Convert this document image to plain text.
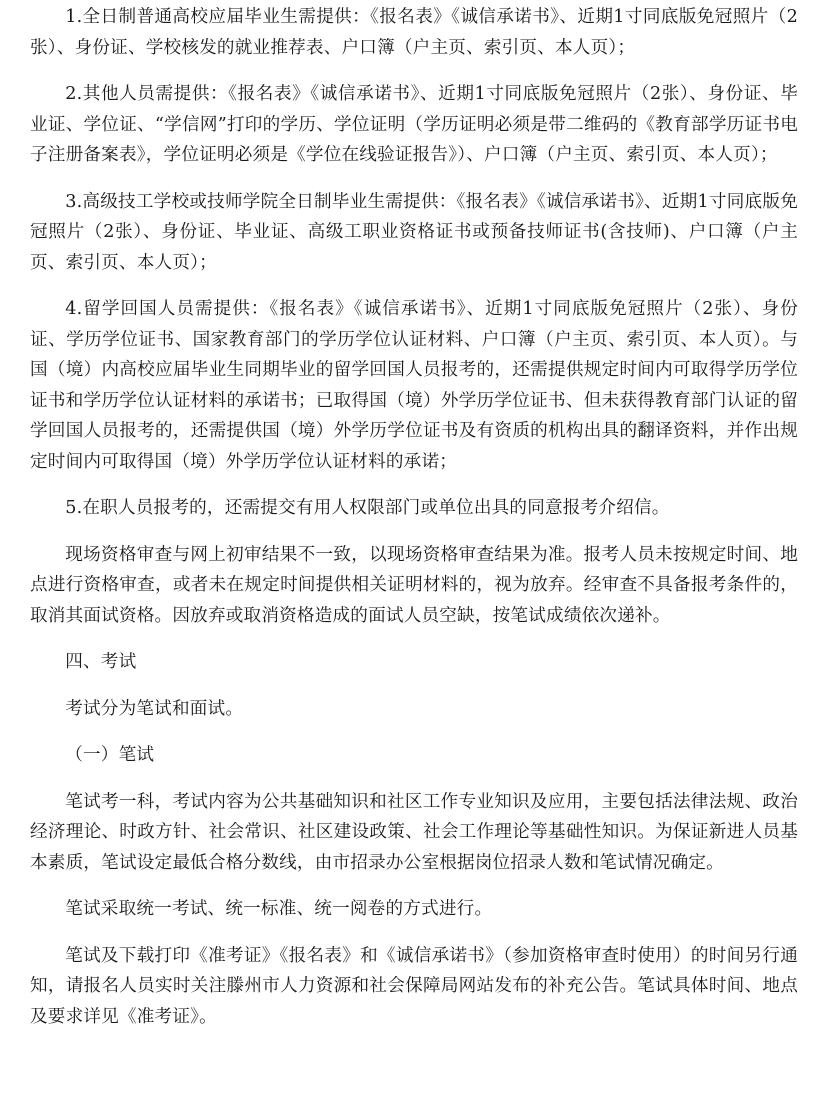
1.全日制普通高校应届毕业生需提供：《报名表》《诚信承诺书》、近期1寸同底版免冠照片（2张）、身份证、学校核发的就业推荐表、户口簿（户主页、索引页、本人页）；

2.其他人员需提供：《报名表》《诚信承诺书》、近期1寸同底版免冠照片（2张）、身份证、毕业证、学位证、“学信网”打印的学历、学位证明（学历证明必须是带二维码的《教育部学历证书电子注册备案表》，学位证明必须是《学位在线验证报告》）、户口簿（户主页、索引页、本人页）；

3.高级技工学校或技师学院全日制毕业生需提供：《报名表》《诚信承诺书》、近期1寸同底版免冠照片（2张）、身份证、毕业证、高级工职业资格证书或预备技师证书(含技师)、户口簿（户主页、索引页、本人页）；

4.留学回国人员需提供：《报名表》《诚信承诺书》、近期1寸同底版免冠照片（2张）、身份证、学历学位证书、国家教育部门的学历学位认证材料、户口簿（户主页、索引页、本人页）。与国（境）内高校应届毕业生同期毕业的留学回国人员报考的，还需提供规定时间内可取得学历学位证书和学历学位认证材料的承诺书；已取得国（境）外学历学位证书、但未获得教育部门认证的留学回国人员报考的，还需提供国（境）外学历学位证书及有资质的机构出具的翻译资料，并作出规定时间内可取得国（境）外学历学位认证材料的承诺；

5.在职人员报考的，还需提交有用人权限部门或单位出具的同意报考介绍信。

现场资格审查与网上初审结果不一致，以现场资格审查结果为准。报考人员未按规定时间、地点进行资格审查，或者未在规定时间提供相关证明材料的，视为放弃。经审查不具备报考条件的，取消其面试资格。因放弃或取消资格造成的面试人员空缺，按笔试成绩依次递补。

四、考试

考试分为笔试和面试。

（一）笔试

笔试考一科，考试内容为公共基础知识和社区工作专业知识及应用，主要包括法律法规、政治经济理论、时政方针、社会常识、社区建设政策、社会工作理论等基础性知识。为保证新进人员基本素质，笔试设定最低合格分数线，由市招录办公室根据岗位招录人数和笔试情况确定。

笔试采取统一考试、统一标准、统一阅卷的方式进行。

笔试及下载打印《准考证》《报名表》和《诚信承诺书》（参加资格审查时使用）的时间另行通知，请报名人员实时关注滕州市人力资源和社会保障局网站发布的补充公告。笔试具体时间、地点及要求详见《准考证》。
